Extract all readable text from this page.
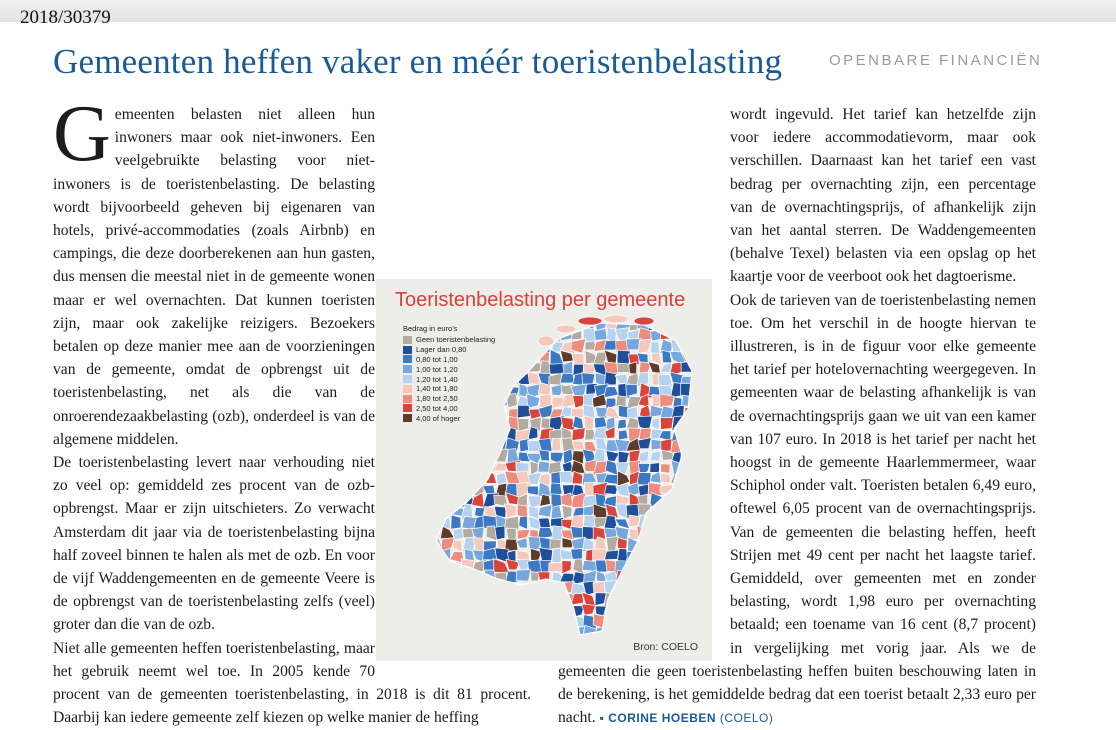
2018/30379
Gemeenten heffen vaker en méér toeristenbelasting	OPENBARE FINANCIËN
G emeenten belasten niet alleen hun inwoners maar ook niet-inwoners. Een veelgebruikte belasting voor niet-inwoners is de toeristenbelasting. De belasting wordt bijvoorbeeld geheven bij eigenaren van hotels, privé-accommodaties (zoals Airbnb) en campings, die deze doorberekenen aan hun gasten, dus mensen die meestal niet in de gemeente wonen maar er wel overnachten. Dat kunnen toeristen zijn, maar ook zakelijke reizigers. Bezoekers betalen op deze manier mee aan de voorzieningen van de gemeente, omdat de opbrengst uit de toeristenbelasting, net als die van de onroerendezaakbelasting (ozb), onderdeel is van de algemene middelen.

De toeristenbelasting levert naar verhouding niet zo veel op: gemiddeld zes procent van de ozb-opbrengst. Maar er zijn uitschieters. Zo verwacht Amsterdam dit jaar via de toeristenbelasting bijna half zoveel binnen te halen als met de ozb. En voor de vijf Waddengemeenten en de gemeente Veere is de opbrengst van de toeristenbelasting zelfs (veel) groter dan die van de ozb.

Niet alle gemeenten heffen toeristenbelasting, maar het gebruik neemt wel toe. In 2005 kende 70 procent van de gemeenten toeristenbelasting, in 2018 is dit 81 procent. Daarbij kan iedere gemeente zelf kiezen op welke manier de heffing

wordt ingevuld. Het tarief kan hetzelfde zijn voor iedere accommodatievorm, maar ook verschillen. Daarnaast kan het tarief een vast bedrag per overnachting zijn, een percentage van de overnachtingsprijs, of afhankelijk zijn van het aantal sterren. De Waddengemeenten (behalve Texel) belasten via een opslag op het kaartje voor de veerboot ook het dagtoerisme.

Ook de tarieven van de toeristenbelasting nemen toe. Om het verschil in de hoogte hiervan te illustreren, is in de figuur voor elke gemeente het tarief per hotelovernachting weergegeven. In gemeenten waar de belasting afhankelijk is van de overnachtingsprijs gaan we uit van een kamer van 107 euro. In 2018 is het tarief per nacht het hoogst in de gemeente Haarlemmermeer, waar Schiphol onder valt. Toeristen betalen 6,49 euro, oftewel 6,05 procent van de overnachtingsprijs. Van de gemeenten die belasting heffen, heeft Strijen met 49 cent per nacht het laagste tarief. Gemiddeld, over gemeenten met en zonder belasting, wordt 1,98 euro per overnachting betaald; een toename van 16 cent (8,7 procent) in vergelijking met vorig jaar. Als we de gemeenten die geen toeristenbelasting heffen buiten beschouwing laten in de berekening, is het gemiddelde bedrag dat een toerist betaalt 2,33 euro per nacht. ▪ CORINE HOEBEN (COELO)

Toeristenbelasting per gemeente
Bedrag in euro's
Geen toeristenbelasting
Lager dan 0,80
0,80 tot 1,00
1,00 tot 1,20
1,20 tot 1,40
1,40 tot 1,80
1,80 tot 2,50
2,50 tot 4,00
4,00 of hoger
Bron: COELO
